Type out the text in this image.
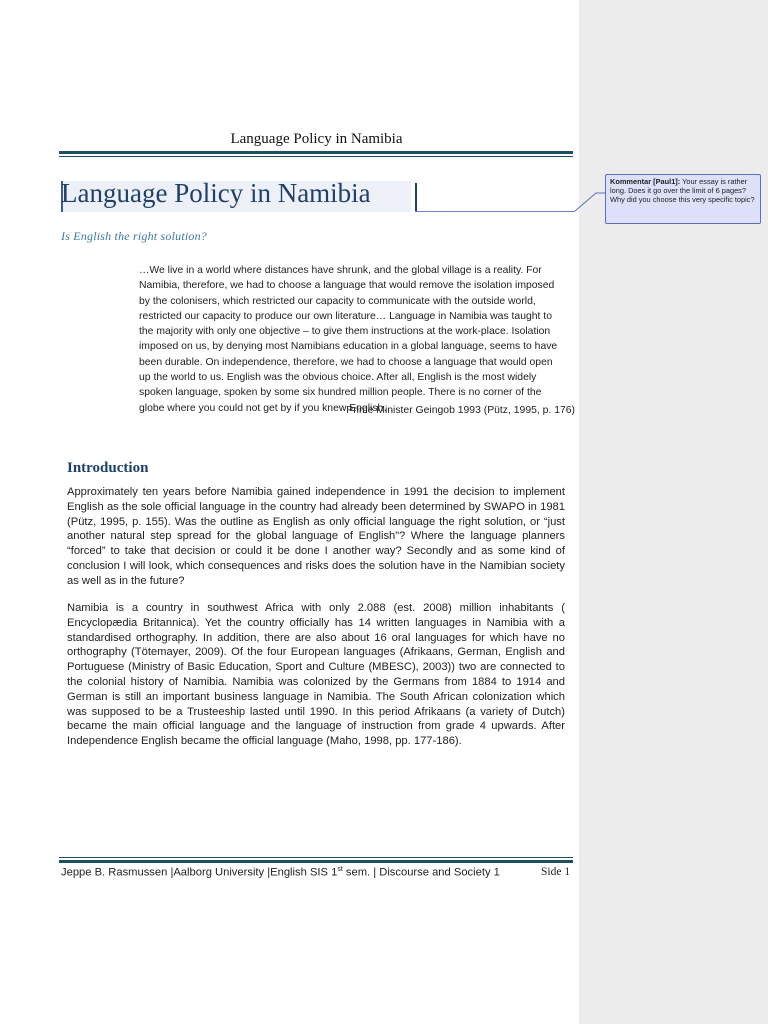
Language Policy in Namibia
Language Policy in Namibia
Is English the right solution?
…We live in a world where distances have shrunk, and the global village is a reality. For
Namibia, therefore, we had to choose a language that would remove the isolation imposed
by the colonisers, which restricted our capacity to communicate with the outside world,
restricted our capacity to produce our own literature… Language in Namibia was taught to
the majority with only one objective – to give them instructions at the work-place. Isolation
imposed on us, by denying most Namibians education in a global language, seems to have
been durable. On independence, therefore, we had to choose a language that would open
up the world to us. English was the obvious choice. After all, English is the most widely
spoken language, spoken by some six hundred million people. There is no corner of the
globe where you could not get by if you knew English…
Prime Minister Geingob 1993 (Pütz, 1995, p. 176)
Introduction
Approximately ten years before Namibia gained independence in 1991 the decision to implement English as the sole official language in the country had already been determined by SWAPO in 1981 (Pütz, 1995, p. 155). Was the outline as English as only official language the right solution, or “just another natural step spread for the global language of English”? Where the language planners “forced” to take that decision or could it be done I another way? Secondly and as some kind of conclusion I will look, which consequences and risks does the solution have in the Namibian society as well as in the future?
Namibia is a country in southwest Africa with only 2.088 (est. 2008) million inhabitants ( Encyclopædia Britannica). Yet the country officially has 14 written languages in Namibia with a standardised orthography. In addition, there are also about 16 oral languages for which have no orthography (Tötemayer, 2009). Of the four European languages (Afrikaans, German, English and Portuguese (Ministry of Basic Education, Sport and Culture (MBESC), 2003)) two are connected to the colonial history of Namibia. Namibia was colonized by the Germans from 1884 to 1914 and German is still an important business language in Namibia. The South African colonization which was supposed to be a Trusteeship lasted until 1990. In this period Afrikaans (a variety of Dutch) became the main official language and the language of instruction from grade 4 upwards. After Independence English became the official language (Maho, 1998, pp. 177-186).
Jeppe B. Rasmussen |Aalborg University |English SIS 1st sem. | Discourse and Society 1	Side 1
Kommentar [Paul1]: Your essay is rather long. Does it go over the limit of 6 pages? Why did you choose this very specific topic?
